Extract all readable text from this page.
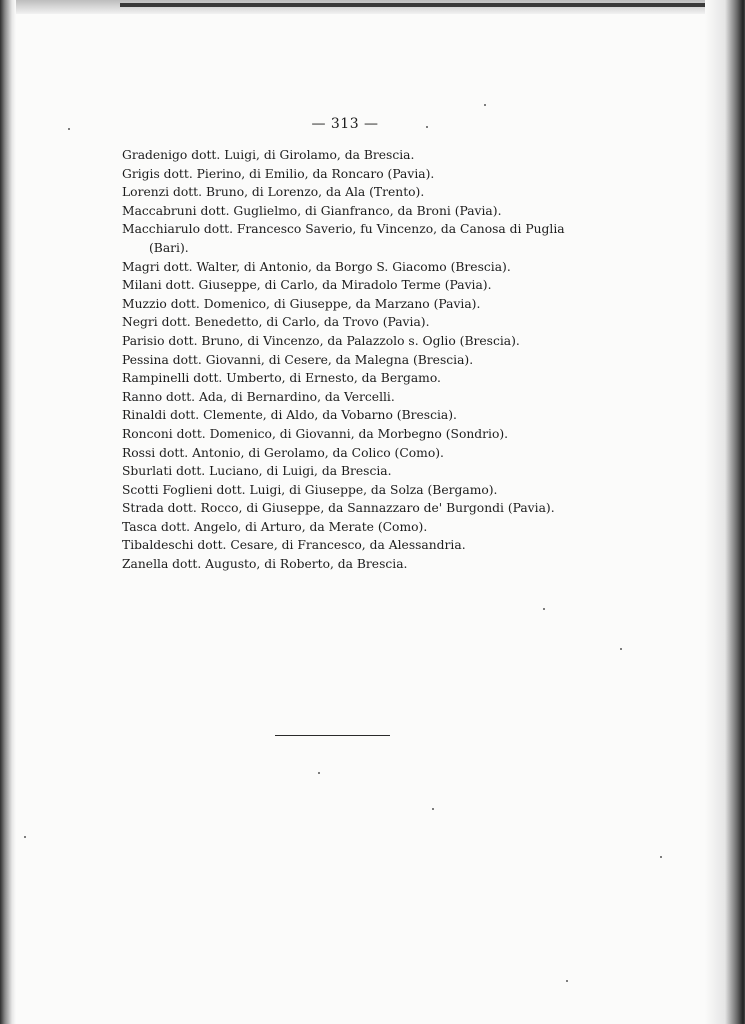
— 313 —
Gradenigo dott. Luigi, di Girolamo, da Brescia.
Grigis dott. Pierino, di Emilio, da Roncaro (Pavia).
Lorenzi dott. Bruno, di Lorenzo, da Ala (Trento).
Maccabruni dott. Guglielmo, di Gianfranco, da Broni (Pavia).
Macchiarulo dott. Francesco Saverio, fu Vincenzo, da Canosa di Puglia (Bari).
Magri dott. Walter, di Antonio, da Borgo S. Giacomo (Brescia).
Milani dott. Giuseppe, di Carlo, da Miradolo Terme (Pavia).
Muzzio dott. Domenico, di Giuseppe, da Marzano (Pavia).
Negri dott. Benedetto, di Carlo, da Trovo (Pavia).
Parisio dott. Bruno, di Vincenzo, da Palazzolo s. Oglio (Brescia).
Pessina dott. Giovanni, di Cesere, da Malegna (Brescia).
Rampinelli dott. Umberto, di Ernesto, da Bergamo.
Ranno dott. Ada, di Bernardino, da Vercelli.
Rinaldi dott. Clemente, di Aldo, da Vobarno (Brescia).
Ronconi dott. Domenico, di Giovanni, da Morbegno (Sondrio).
Rossi dott. Antonio, di Gerolamo, da Colico (Como).
Sburlati dott. Luciano, di Luigi, da Brescia.
Scotti Foglieni dott. Luigi, di Giuseppe, da Solza (Bergamo).
Strada dott. Rocco, di Giuseppe, da Sannazzaro de' Burgondi (Pavia).
Tasca dott. Angelo, di Arturo, da Merate (Como).
Tibaldeschi dott. Cesare, di Francesco, da Alessandria.
Zanella dott. Augusto, di Roberto, da Brescia.
